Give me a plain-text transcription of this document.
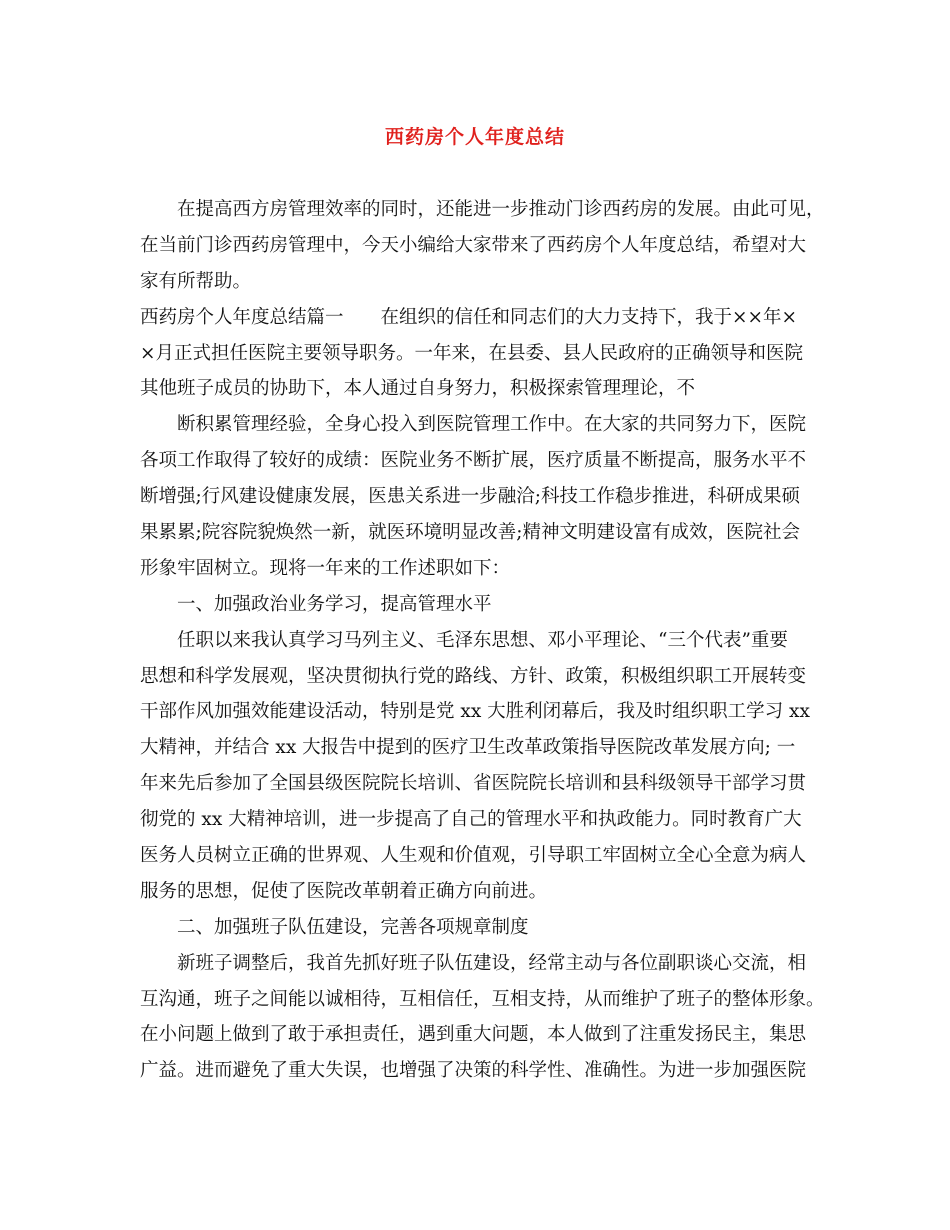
西药房个人年度总结
在提高西方房管理效率的同时，还能进一步推动门诊西药房的发展。由此可见，
在当前门诊西药房管理中，今天小编给大家带来了西药房个人年度总结，希望对大
家有所帮助。
西药房个人年度总结篇一　　在组织的信任和同志们的大力支持下，我于××年×
×月正式担任医院主要领导职务。一年来，在县委、县人民政府的正确领导和医院
其他班子成员的协助下，本人通过自身努力，积极探索管理理论，不
断积累管理经验，全身心投入到医院管理工作中。在大家的共同努力下，医院
各项工作取得了较好的成绩：医院业务不断扩展，医疗质量不断提高，服务水平不
断增强;行风建设健康发展，医患关系进一步融洽;科技工作稳步推进，科研成果硕
果累累;院容院貌焕然一新，就医环境明显改善;精神文明建设富有成效，医院社会
形象牢固树立。现将一年来的工作述职如下：
一、加强政治业务学习，提高管理水平
任职以来我认真学习马列主义、毛泽东思想、邓小平理论、“三个代表”重要
思想和科学发展观，坚决贯彻执行党的路线、方针、政策，积极组织职工开展转变
干部作风加强效能建设活动，特别是党 xx 大胜利闭幕后，我及时组织职工学习 xx
大精神，并结合 xx 大报告中提到的医疗卫生改革政策指导医院改革发展方向; 一
年来先后参加了全国县级医院院长培训、省医院院长培训和县科级领导干部学习贯
彻党的 xx 大精神培训，进一步提高了自己的管理水平和执政能力。同时教育广大
医务人员树立正确的世界观、人生观和价值观，引导职工牢固树立全心全意为病人
服务的思想，促使了医院改革朝着正确方向前进。
二、加强班子队伍建设，完善各项规章制度
新班子调整后，我首先抓好班子队伍建设，经常主动与各位副职谈心交流，相
互沟通，班子之间能以诚相待，互相信任，互相支持，从而维护了班子的整体形象。
在小问题上做到了敢于承担责任，遇到重大问题，本人做到了注重发扬民主，集思
广益。进而避免了重大失误，也增强了决策的科学性、准确性。为进一步加强医院
